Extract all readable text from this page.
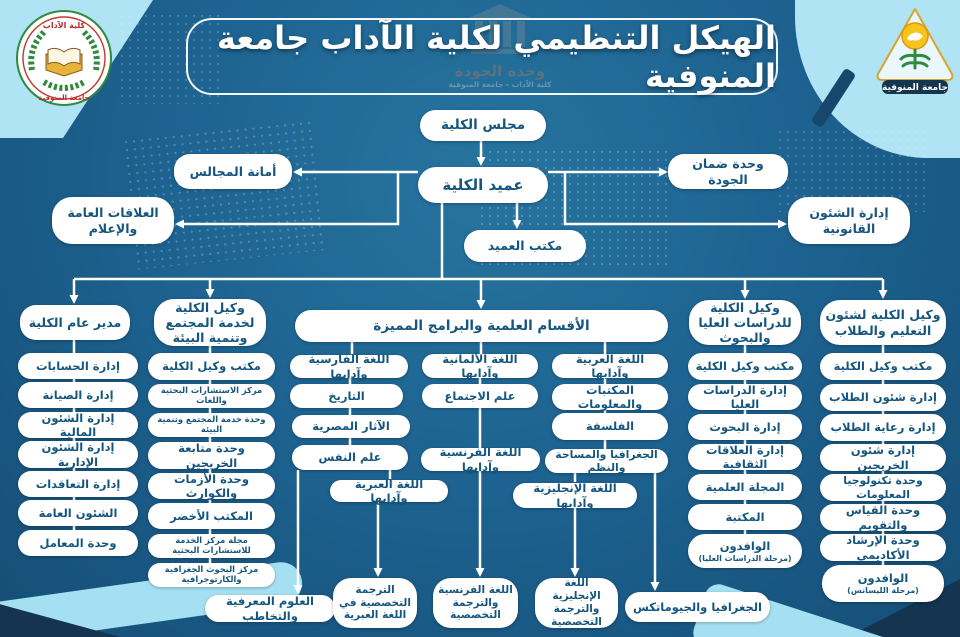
كلية الآداب
جامعة المنوفية
جامعة المنوفية
وحدة الجودة
كلية الآداب - جامعة المنوفية
الهيكل التنظيمي لكلية الآداب جامعة المنوفية
مجلس الكلية
عميد الكلية
مكتب العميد
أمانة المجالس
العلاقات العامة والإعلام
وحدة ضمان الجودة
إدارة الشئون القانونية
مدير عام الكلية
وكيل الكلية لخدمة المجتمع وتنمية البيئة
الأقسام العلمية والبرامج المميزة
وكيل الكلية للدراسات العليا والبحوث
وكيل الكلية لشئون التعليم والطلاب
إدارة الحسابات
إدارة الصيانة
إدارة الشئون المالية
إدارة الشئون الإدارية
إدارة التعاقدات
الشئون العامة
وحدة المعامل
مكتب وكيل الكلية
مركز الاستشارات البحثية واللغات
وحدة خدمة المجتمع وتنمية البيئة
وحدة متابعة الخريجين
وحدة الأزمات والكوارث
المكتب الأخضر
مجلة مركز الخدمة للاستشارات البحثية
مركز البحوث الجغرافية والكارتوجرافية
اللغة العربية وآدابها
المكتبات والمعلومات
الفلسفة
الجغرافيا والمساحة والنظم
اللغة الإنجليزية وآدابها
اللغة الألمانية وآدابها
علم الاجتماع
اللغة الفرنسية وآدابها
اللغة الفارسية وآدابها
التاريخ
الآثار المصرية
علم النفس
اللغة العبرية وآدابها
العلوم المعرفية والتخاطب
الترجمة التخصصية في اللغة العبرية
اللغة الفرنسية والترجمة التخصصية
اللغة الإنجليزية والترجمة التخصصية
الجغرافيا والجيوماتكس
مكتب وكيل الكلية
إدارة الدراسات العليا
إدارة البحوث
إدارة العلاقات الثقافية
المجلة العلمية
المكتبة
الوافدون
(مرحلة الدراسات العليا)
مكتب وكيل الكلية
إدارة شئون الطلاب
إدارة رعاية الطلاب
إدارة شئون الخريجين
وحدة تكنولوجيا المعلومات
وحدة القياس والتقويم
وحدة الإرشاد الأكاديمي
الوافدون
(مرحلة الليسانس)
